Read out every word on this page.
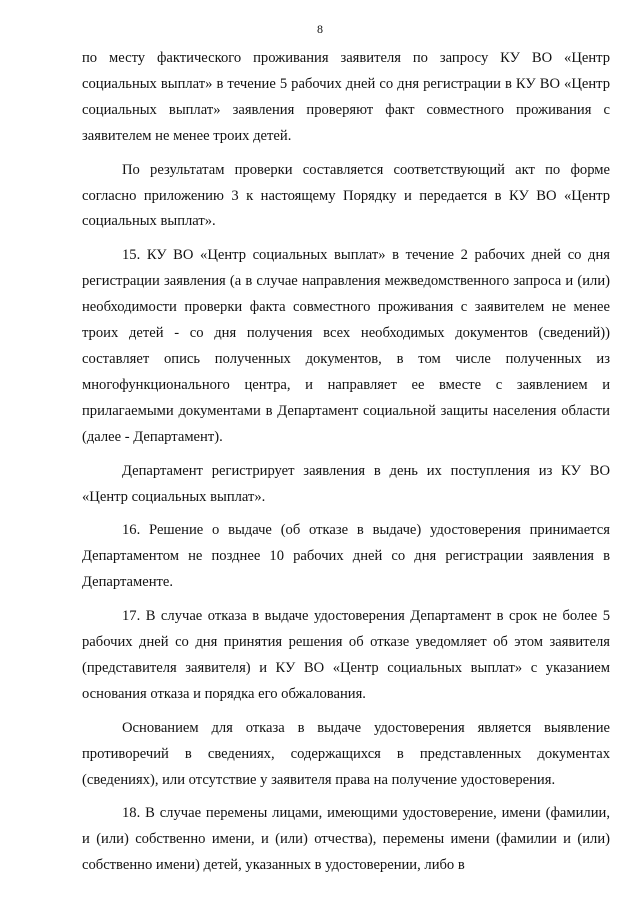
8

по месту фактического проживания заявителя по запросу КУ ВО «Центр социальных выплат» в течение 5 рабочих дней со дня регистрации в КУ ВО «Центр социальных выплат» заявления проверяют факт совместного проживания с заявителем не менее троих детей.

По результатам проверки составляется соответствующий акт по форме согласно приложению 3 к настоящему Порядку и передается в КУ ВО «Центр социальных выплат».

15. КУ ВО «Центр социальных выплат» в течение 2 рабочих дней со дня регистрации заявления (а в случае направления межведомственного запроса и (или) необходимости проверки факта совместного проживания с заявителем не менее троих детей - со дня получения всех необходимых документов (сведений)) составляет опись полученных документов, в том числе полученных из многофункционального центра, и направляет ее вместе с заявлением и прилагаемыми документами в Департамент социальной защиты населения области (далее - Департамент).

Департамент регистрирует заявления в день их поступления из КУ ВО «Центр социальных выплат».

16. Решение о выдаче (об отказе в выдаче) удостоверения принимается Департаментом не позднее 10 рабочих дней со дня регистрации заявления в Департаменте.

17. В случае отказа в выдаче удостоверения Департамент в срок не более 5 рабочих дней со дня принятия решения об отказе уведомляет об этом заявителя (представителя заявителя) и КУ ВО «Центр социальных выплат» с указанием основания отказа и порядка его обжалования.

Основанием для отказа в выдаче удостоверения является выявление противоречий в сведениях, содержащихся в представленных документах (сведениях), или отсутствие у заявителя права на получение удостоверения.

18. В случае перемены лицами, имеющими удостоверение, имени (фамилии, и (или) собственно имени, и (или) отчества), перемены имени (фамилии и (или) собственно имени) детей, указанных в удостоверении, либо в
